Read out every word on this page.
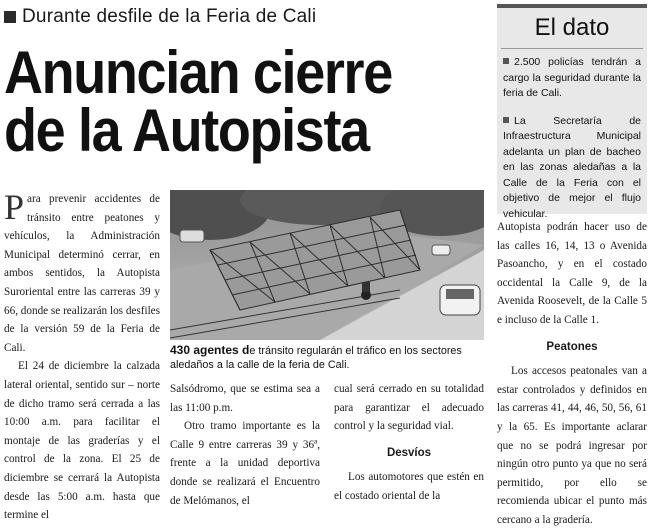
Durante desfile de la Feria de Cali
Anuncian cierre
de la Autopista
El dato
2.500 policías tendrán a cargo la seguridad durante la feria de Cali.
La Secretaría de Infraestructura Municipal adelanta un plan de bacheo en las zonas aledañas a la Calle de la Feria con el objetivo de mejor el flujo vehicular.

Para prevenir accidentes de tránsito entre peatones y vehículos, la Administración Municipal determinó cerrar, en ambos sentidos, la Autopista Suroriental entre las carreras 39 y 66, donde se realizarán los desfiles de la versión 59 de la Feria de Cali.

El 24 de diciembre la calzada lateral oriental, sentido sur – norte de dicho tramo será cerrada a las 10:00 a.m. para facilitar el montaje de las graderías y el control de la zona. El 25 de diciembre se cerrará la Autopista desde las 5:00 a.m. hasta que termine el

430 agentes de tránsito regularán el tráfico en los sectores aledaños a la calle de la feria de Cali.

Salsódromo, que se estima sea a las 11:00 p.m.

Otro tramo importante es la Calle 9 entre carreras 39 y 36ª, frente a la unidad deportiva donde se realizará el Encuentro de Melómanos, el

cual será cerrado en su totalidad para garantizar el adecuado control y la seguridad vial.

Desvíos

Los automotores que estén en el costado oriental de la

Autopista podrán hacer uso de las calles 16, 14, 13 o Avenida Pasoancho, y en el costado occidental la Calle 9, de la Avenida Roosevelt, de la Calle 5 e incluso de la Calle 1.

Peatones

Los accesos peatonales van a estar controlados y definidos en las carreras 41, 44, 46, 50, 56, 61 y la 65. Es importante aclarar que no se podrá ingresar por ningún otro punto ya que no será permitido, por ello se recomienda ubicar el punto más cercano a la gradería.
